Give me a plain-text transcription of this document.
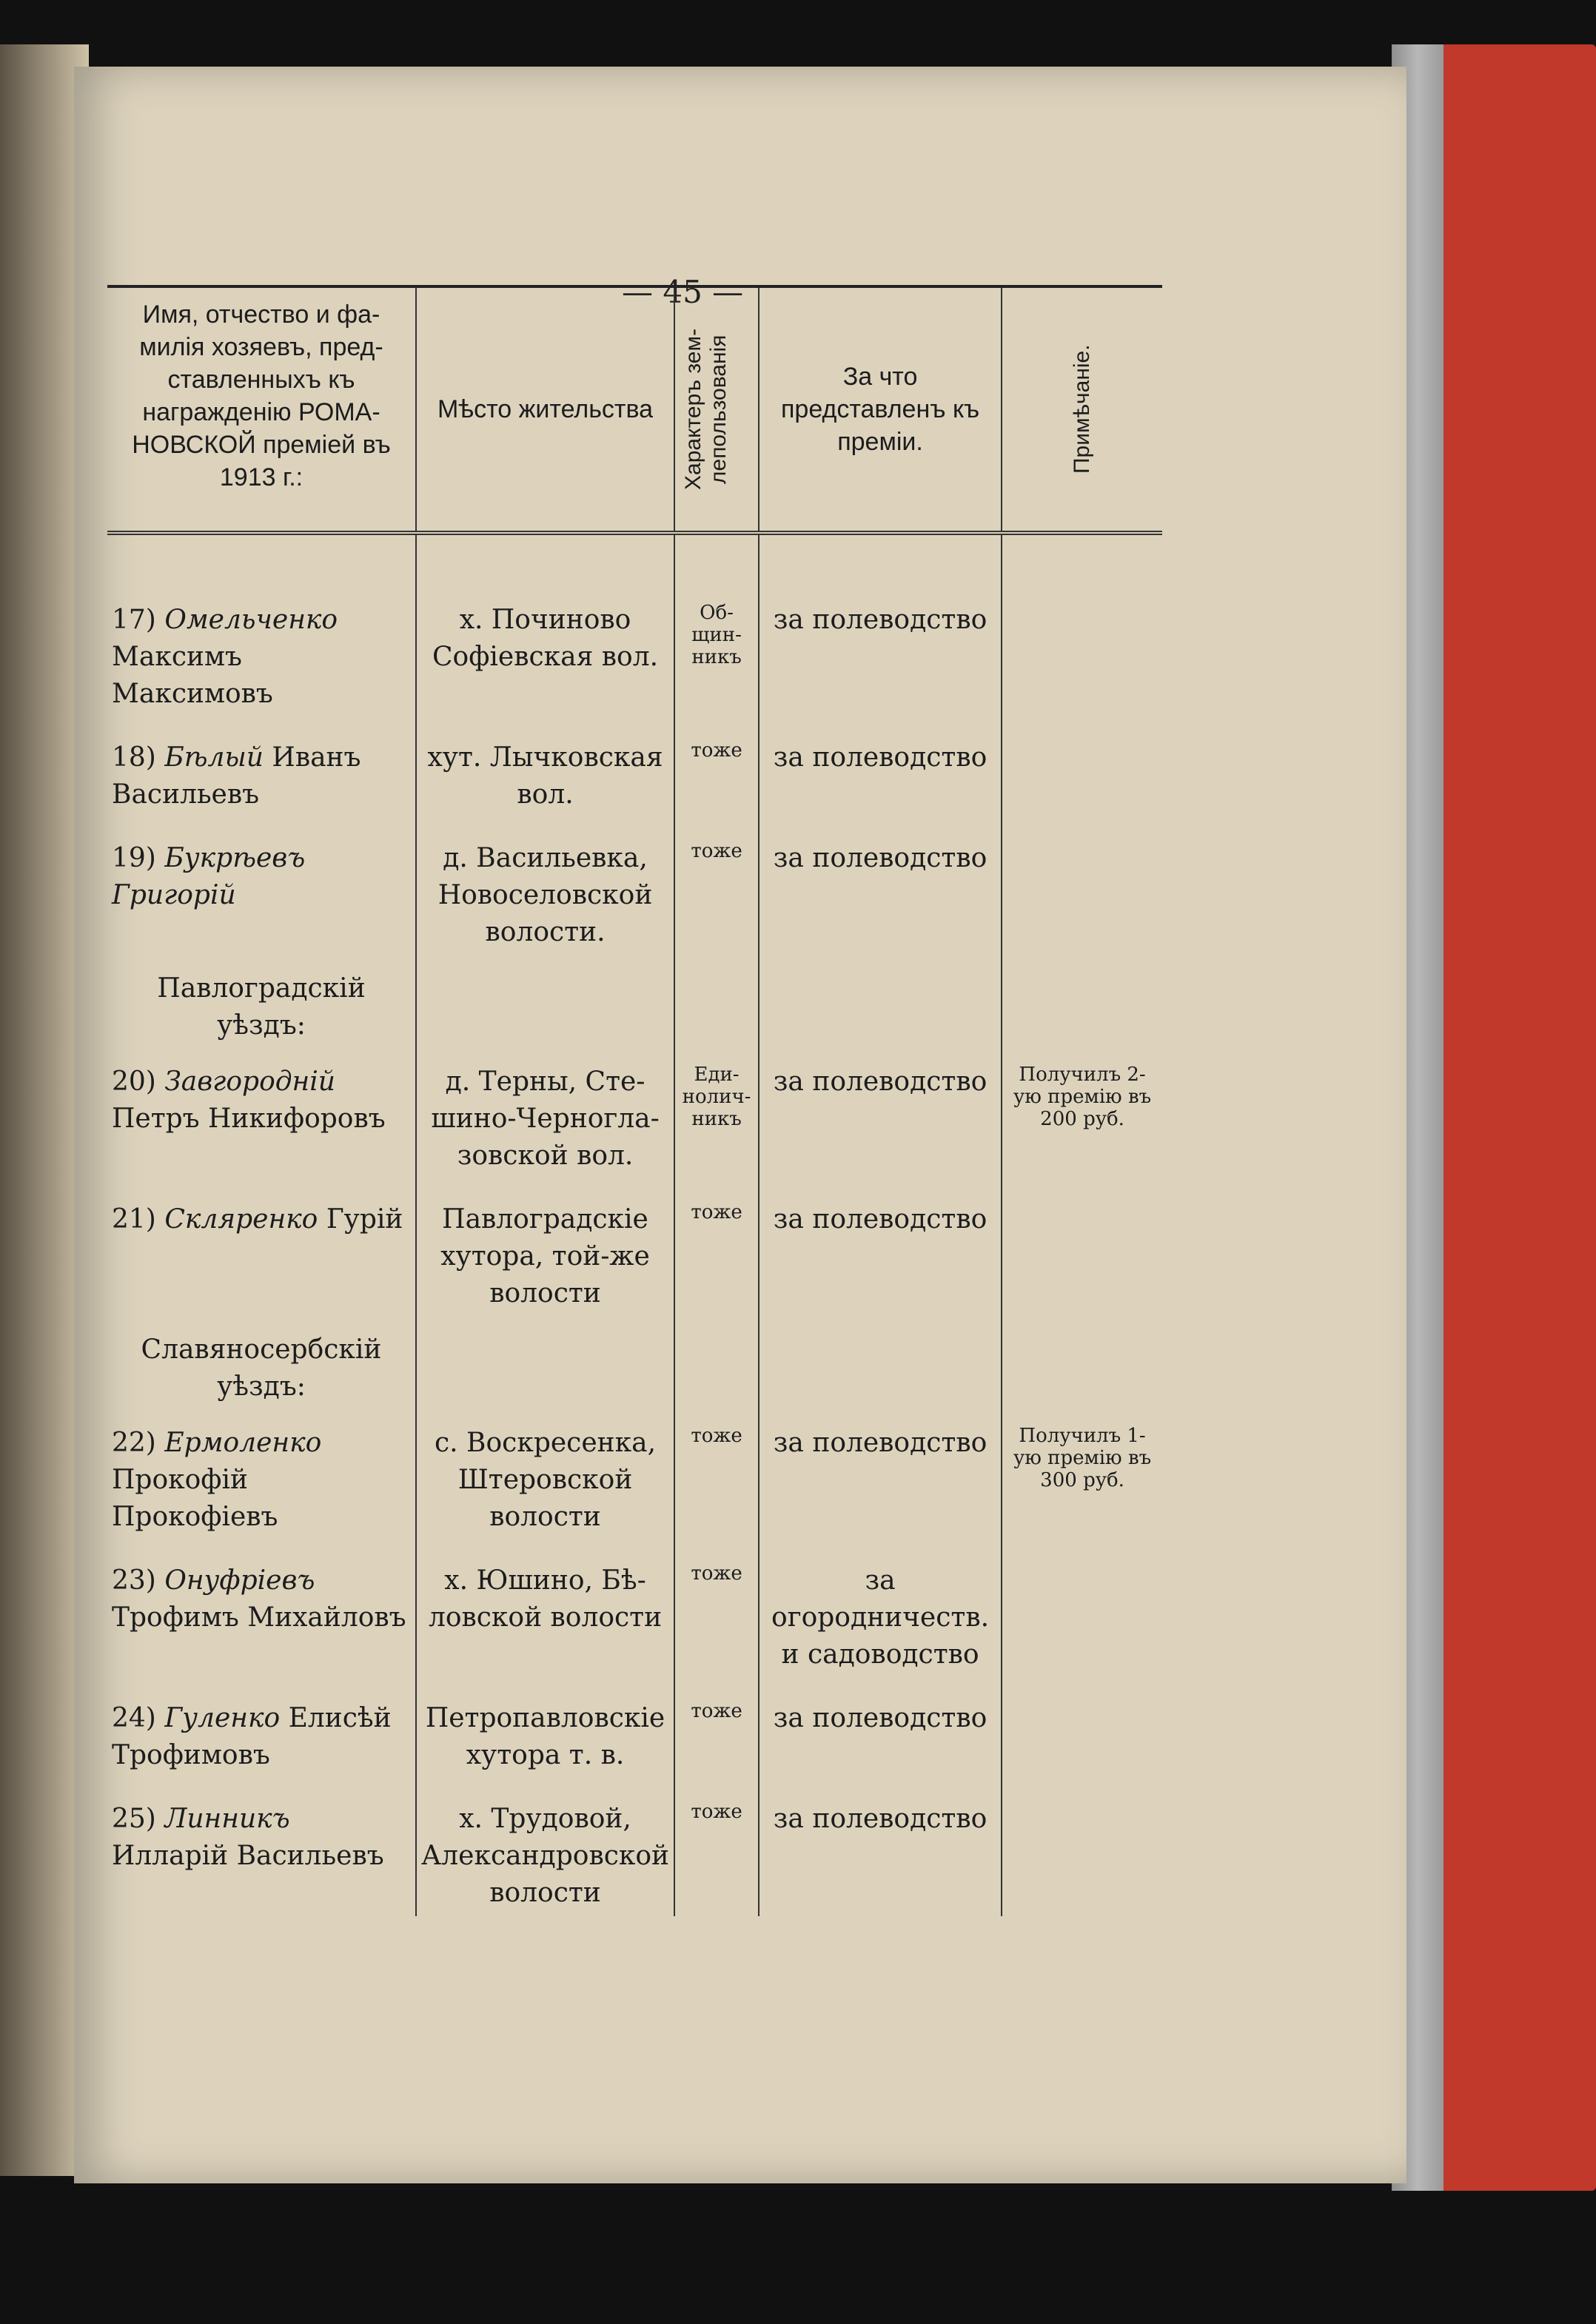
— 45 —
Имя, отчество и фа- милія хозяевъ, пред- ставленныхъ къ награжденію РОМА- НОВСКОЙ преміей въ 1913 г.:	Мѣсто жительства	Характеръ зем- лепользованія	За что представленъ къ преміи.	Примѣчаніе.

17) Омельченко Максимъ Максимовъ	х. Починово Софіевская вол.	Об- щин- никъ	за полеводство	
18) Бѣлый Иванъ Васильевъ	хут. Лычковская вол.	тоже	за полеводство	
19) Букрѣевъ Григорій	д. Васильевка, Новоселовской волости.	тоже	за полеводство	
Павлоградскій уѣздъ:				
20) Завгородній Петръ Никифоровъ	д. Терны, Сте- шино-Черногла- зовской вол.	Еди- нолич- никъ	за полеводство	Получилъ 2-ую премію въ 200 руб.
21) Скляренко Гурій	Павлоградскіе хутора, той-же волости	тоже	за полеводство	
Славяносербскій уѣздъ:				
22) Ермоленко Прокофій Прокофіевъ	с. Воскресенка, Штеровской волости	тоже	за полеводство	Получилъ 1-ую премію въ 300 руб.
23) Онуфріевъ Трофимъ Михайловъ	х. Юшино, Бѣ- ловской волости	тоже	за огородничеств. и садоводство	
24) Гуленко Елисѣй Трофимовъ	Петропавловскіе хутора т. в.	тоже	за полеводство	
25) Линникъ Илларій Васильевъ	х. Трудовой, Александровской волости	тоже	за полеводство	
